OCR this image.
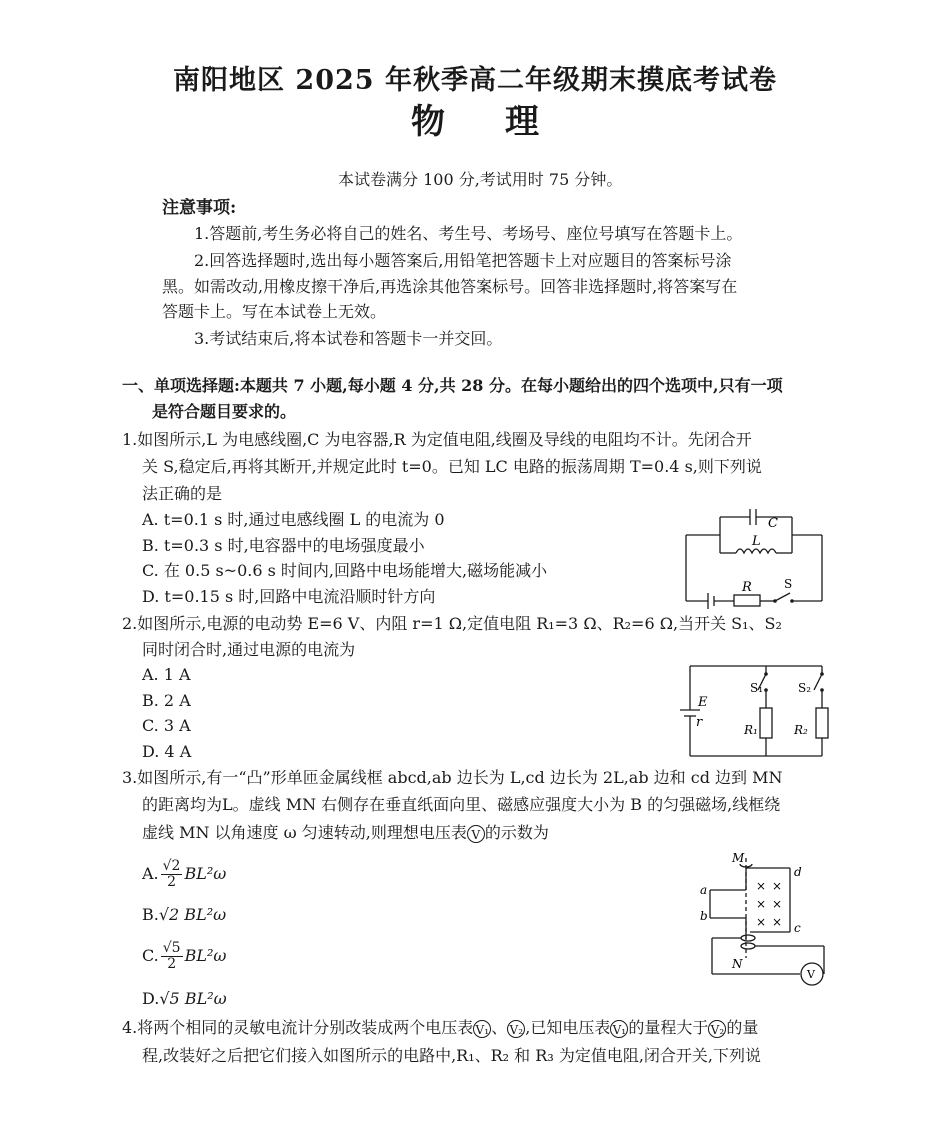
南阳地区 2025 年秋季高二年级期末摸底考试卷
物理
本试卷满分 100 分,考试用时 75 分钟。
注意事项:
1.答题前,考生务必将自己的姓名、考生号、考场号、座位号填写在答题卡上。
2.回答选择题时,选出每小题答案后,用铅笔把答题卡上对应题目的答案标号涂
黑。如需改动,用橡皮擦干净后,再选涂其他答案标号。回答非选择题时,将答案写在
答题卡上。写在本试卷上无效。
3.考试结束后,将本试卷和答题卡一并交回。
一、单项选择题:本题共 7 小题,每小题 4 分,共 28 分。在每小题给出的四个选项中,只有一项
是符合题目要求的。
1.如图所示,L 为电感线圈,C 为电容器,R 为定值电阻,线圈及导线的电阻均不计。先闭合开
关 S,稳定后,再将其断开,并规定此时 t=0。已知 LC 电路的振荡周期 T=0.4 s,则下列说
法正确的是
A. t=0.1 s 时,通过电感线圈 L 的电流为 0
B. t=0.3 s 时,电容器中的电场强度最小
C. 在 0.5 s~0.6 s 时间内,回路中电场能增大,磁场能减小
D. t=0.15 s 时,回路中电流沿顺时针方向
C
L
R	S
2.如图所示,电源的电动势 E=6 V、内阻 r=1 Ω,定值电阻 R₁=3 Ω、R₂=6 Ω,当开关 S₁、S₂
同时闭合时,通过电源的电流为
A. 1 A
B. 2 A
C. 3 A
D. 4 A
E
r
S₁	S₂
R₁	R₂
3.如图所示,有一“凸”形单匝金属线框 abcd,ab 边长为 L,cd 边长为 2L,ab 边和 cd 边到 MN
的距离均为L。虚线 MN 右侧存在垂直纸面向里、磁感应强度大小为 B 的匀强磁场,线框绕
虚线 MN 以角速度 ω 匀速转动,则理想电压表 V 的示数为
A. $\frac{√2}{2} BL^2\omega$
B.√2 BL²ω
C. $\frac{√5}{2} BL^2\omega$
D.√5 BL²ω
× ×
× ×
× ×
M
N
a
b
c
d
V
4.将两个相同的灵敏电流计分别改装成两个电压表 V₁ 、 V₂ ,已知电压表 V₁ 的量程大于 V₂ 的量
程,改装好之后把它们接入如图所示的电路中,R₁、R₂ 和 R₃ 为定值电阻,闭合开关,下列说
